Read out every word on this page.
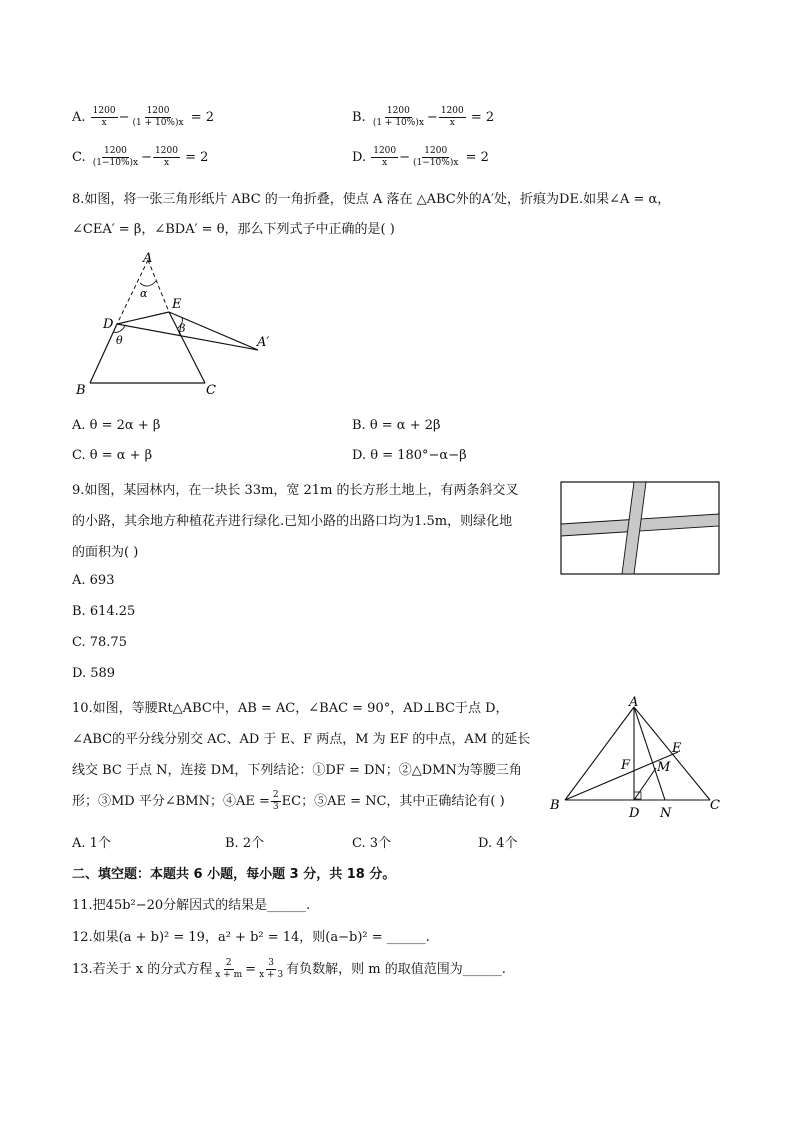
A. $\frac{1200}{x} - \frac{1200}{(1 + 10\%)x} = 2$	B. $\frac{1200}{(1 + 10\%)x} - \frac{1200}{x} = 2$
C. $\frac{1200}{(1-10\%)x} - \frac{1200}{x} = 2$	D. $\frac{1200}{x} - \frac{1200}{(1-10\%)x} = 2$
8.如图，将一张三角形纸片 ABC 的一角折叠，使点 A 落在 △ABC外的A′处，折痕为DE.如果∠A = α，
∠CEA′ = β，∠BDA′ = θ，那么下列式子中正确的是( )
A
α
E
D	β
θ	A′
B	C
A. θ = 2α + β	B. θ = α + 2β
C. θ = α + β	D. θ = 180°−α−β
9.如图，某园林内，在一块长 33m，宽 21m 的长方形土地上，有两条斜交叉
的小路，其余地方种植花卉进行绿化.已知小路的出路口均为1.5m，则绿化地
的面积为( )
A. 693
B. 614.25
C. 78.75
D. 589
10.如图，等腰Rt△ABC中，AB = AC，∠BAC = 90°，AD⊥BC于点 D，
∠ABC的平分线分别交 AC、AD 于 E、F 两点，M 为 EF 的中点，AM 的延长
线交 BC 于点 N，连接 DM，下列结论：①DF = DN；②△DMN为等腰三角
形；③MD 平分∠BMN；④AE = $\frac{2}{3}$ EC；⑤AE = NC，其中正确结论有( )
A
E
F M
B
D N
C
A. 1个	B. 2个	C. 3个	D. 4个
二、填空题：本题共 6 小题，每小题 3 分，共 18 分。
11.把45b²−20分解因式的结果是______.
12.如果(a + b)² = 19，a² + b² = 14，则(a−b)² = ______.
13.若关于 x 的分式方程 $\frac{2}{x + m} = \frac{3}{x + 3}$ 有负数解，则 m 的取值范围为______.
